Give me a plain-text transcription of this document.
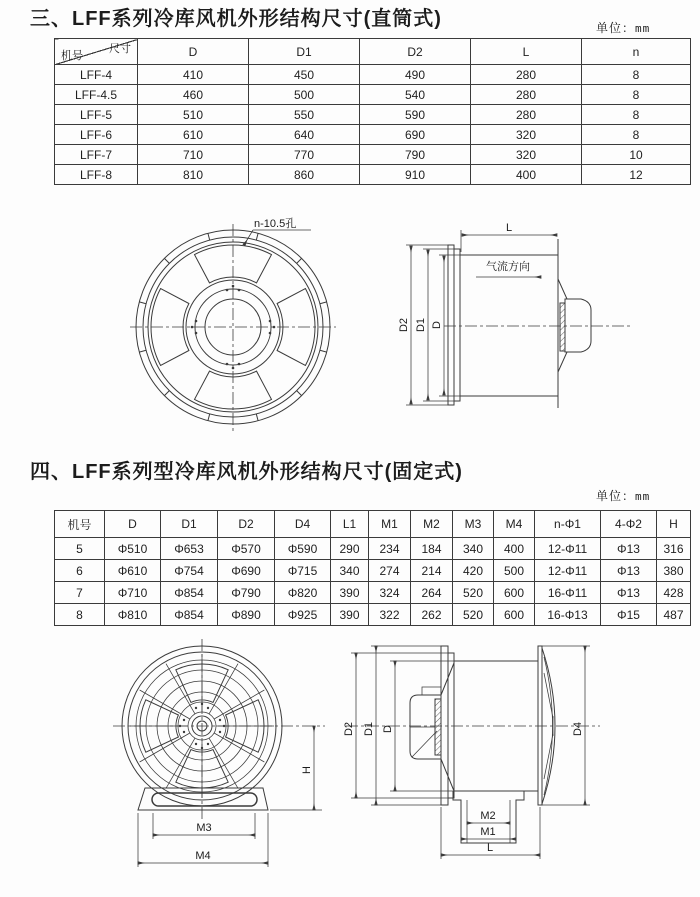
三、LFF系列冷库风机外形结构尺寸(直筒式)	单位：mm
尺寸
机号	D	D1	D2	L	n
LFF-4	410	450	490	280	8
LFF-4.5	460	500	540	280	8
LFF-5	510	550	590	280	8
LFF-6	610	640	690	320	8
LFF-7	710	770	790	320	10
LFF-8	810	860	910	400	12
n-10.5孔	L
气流方向
D2 D1 D
四、LFF系列型冷库风机外形结构尺寸(固定式)
单位：mm
机号	D	D1	D2	D4	L1	M1	M2	M3	M4	n-Φ1	4-Φ2	H
5	Φ510	Φ653	Φ570	Φ590	290	234	184	340	400	12-Φ11	Φ13	316
6	Φ610	Φ754	Φ690	Φ715	340	274	214	420	500	12-Φ11	Φ13	380
7	Φ710	Φ854	Φ790	Φ820	390	324	264	520	600	16-Φ11	Φ13	428
8	Φ810	Φ854	Φ890	Φ925	390	322	262	520	600	16-Φ13	Φ15	487
H
M3
M4
D2 D1 D	D4
M2
M1
L
